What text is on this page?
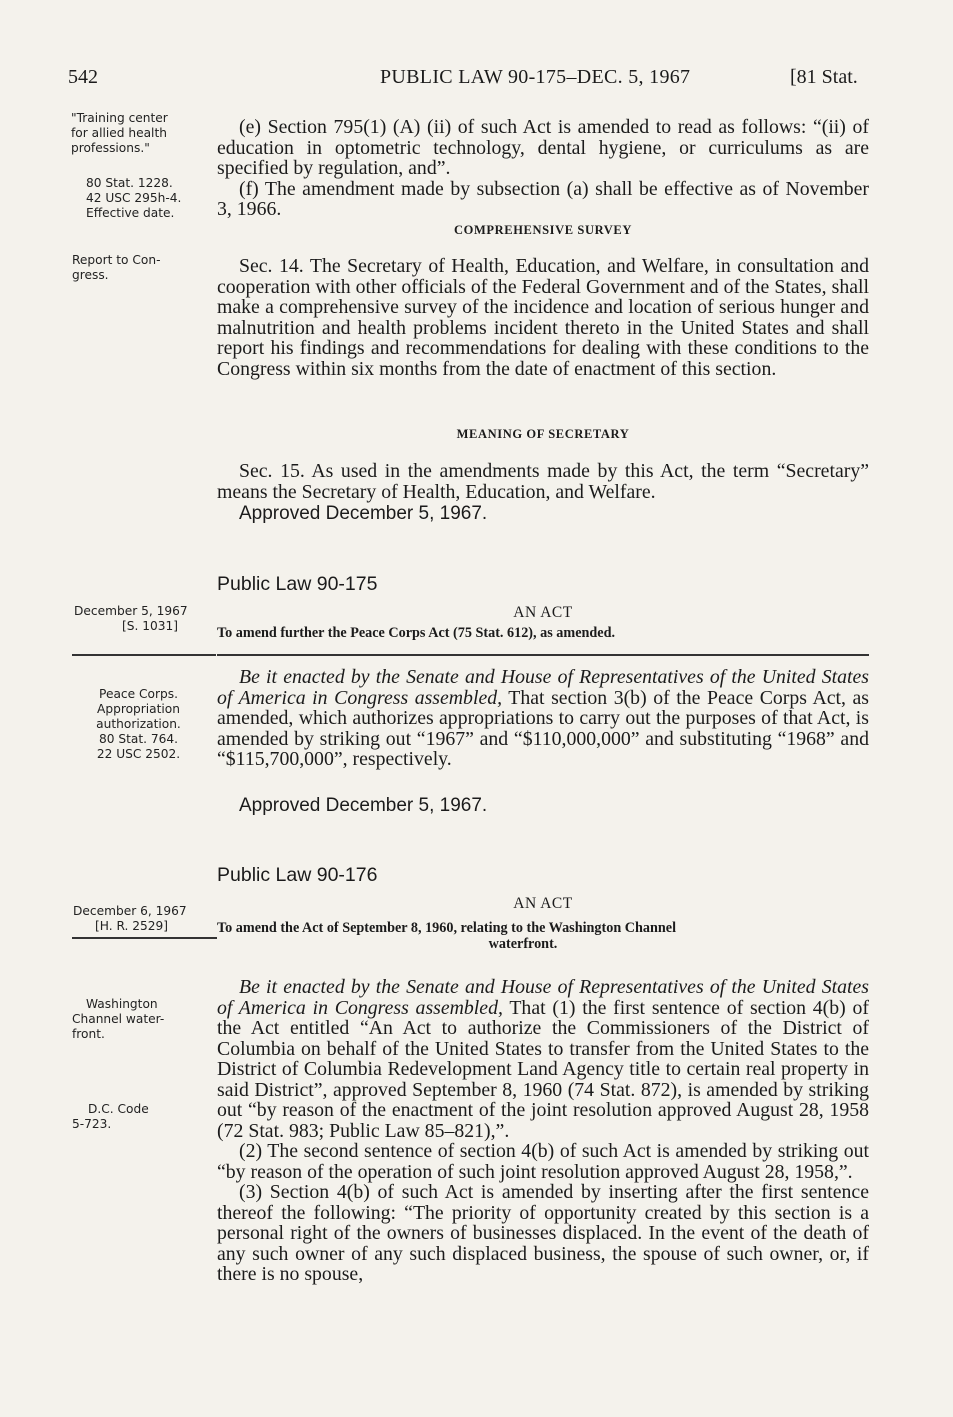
542	PUBLIC LAW 90-175–DEC. 5, 1967	[81 Stat.
"Training center
for allied health
professions."
80 Stat. 1228.
42 USC 295h-4.
Effective date.
Report to Con-
gress.
December 5, 1967
[S. 1031]
Peace Corps.
Appropriation
authorization.
80 Stat. 764.
22 USC 2502.
December 6, 1967
[H. R. 2529]
Washington
Channel water-
front.
D.C. Code
5-723.

(e) Section 795(1) (A) (ii) of such Act is amended to read as follows: “(ii) of education in optometric technology, dental hygiene, or curriculums as are specified by regulation, and”.

(f) The amendment made by subsection (a) shall be effective as of November 3, 1966.

COMPREHENSIVE SURVEY

Sec. 14. The Secretary of Health, Education, and Welfare, in consultation and cooperation with other officials of the Federal Government and of the States, shall make a comprehensive survey of the incidence and location of serious hunger and malnutrition and health problems incident thereto in the United States and shall report his findings and recommendations for dealing with these conditions to the Congress within six months from the date of enactment of this section.

MEANING OF SECRETARY

Sec. 15. As used in the amendments made by this Act, the term “Secretary” means the Secretary of Health, Education, and Welfare.

Approved December 5, 1967.
Public Law 90-175
AN ACT
To amend further the Peace Corps Act (75 Stat. 612), as amended.

Be it enacted by the Senate and House of Representatives of the United States of America in Congress assembled, That section 3(b) of the Peace Corps Act, as amended, which authorizes appropriations to carry out the purposes of that Act, is amended by striking out “1967” and “$110,000,000” and substituting “1968” and “$115,700,000”, respectively.

Approved December 5, 1967.
Public Law 90-176
AN ACT
To amend the Act of September 8, 1960, relating to the Washington Channel
waterfront.

Be it enacted by the Senate and House of Representatives of the United States of America in Congress assembled, That (1) the first sentence of section 4(b) of the Act entitled “An Act to authorize the Commissioners of the District of Columbia on behalf of the United States to transfer from the United States to the District of Columbia Redevelopment Land Agency title to certain real property in said District”, approved September 8, 1960 (74 Stat. 872), is amended by striking out “by reason of the enactment of the joint resolution approved August 28, 1958 (72 Stat. 983; Public Law 85–821),”.

(2) The second sentence of section 4(b) of such Act is amended by striking out “by reason of the operation of such joint resolution approved August 28, 1958,”.

(3) Section 4(b) of such Act is amended by inserting after the first sentence thereof the following: “The priority of opportunity created by this section is a personal right of the owners of businesses displaced. In the event of the death of any such owner of any such displaced business, the spouse of such owner, or, if there is no spouse,
